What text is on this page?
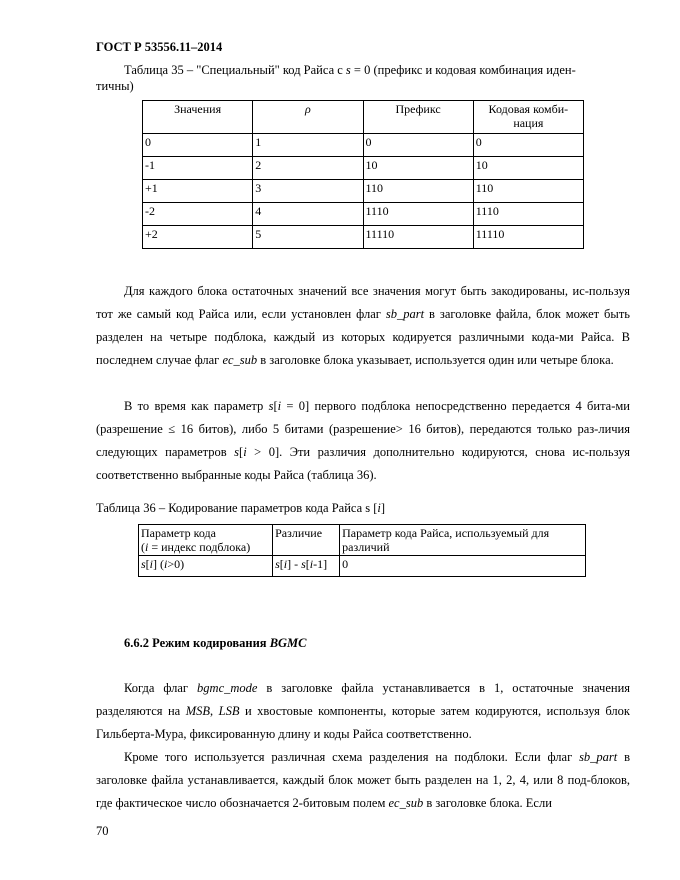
ГОСТ Р 53556.11–2014
Таблица 35 – "Специальный" код Райса с s = 0 (префикс и кодовая комбинация иден-
тичны)
Значения	ρ	Префикс	Кодовая комби- нация
0	1	0	0
-1	2	10	10
+1	3	110	110
-2	4	1110	1110
+2	5	11110	11110

Для каждого блока остаточных значений все значения могут быть закодированы, ис-пользуя тот же самый код Райса или, если установлен флаг sb_part в заголовке файла, блок может быть разделен на четыре подблока, каждый из которых кодируется различными кода-ми Райса. В последнем случае флаг ec_sub в заголовке блока указывает, используется один или четыре блока.

В то время как параметр s[i = 0] первого подблока непосредственно передается 4 бита-ми (разрешение ≤ 16 битов), либо 5 битами (разрешение> 16 битов), передаются только раз-личия следующих параметров s[i > 0]. Эти различия дополнительно кодируются, снова ис-пользуя соответственно выбранные коды Райса (таблица 36).

Таблица 36 – Кодирование параметров кода Райса s [i]
Параметр кода
(i = индекс подблока)	Различие	Параметр кода Райса, используемый для различий
s[i] (i>0)	s[i] - s[i-1]	0
6.6.2 Режим кодирования BGMC

Когда флаг bgmc_mode в заголовке файла устанавливается в 1, остаточные значения разделяются на MSB, LSB и хвостовые компоненты, которые затем кодируются, используя блок Гильберта-Мура, фиксированную длину и коды Райса соответственно.

Кроме того используется различная схема разделения на подблоки. Если флаг sb_part в заголовке файла устанавливается, каждый блок может быть разделен на 1, 2, 4, или 8 под-блоков, где фактическое число обозначается 2-битовым полем ec_sub в заголовке блока. Если

70
